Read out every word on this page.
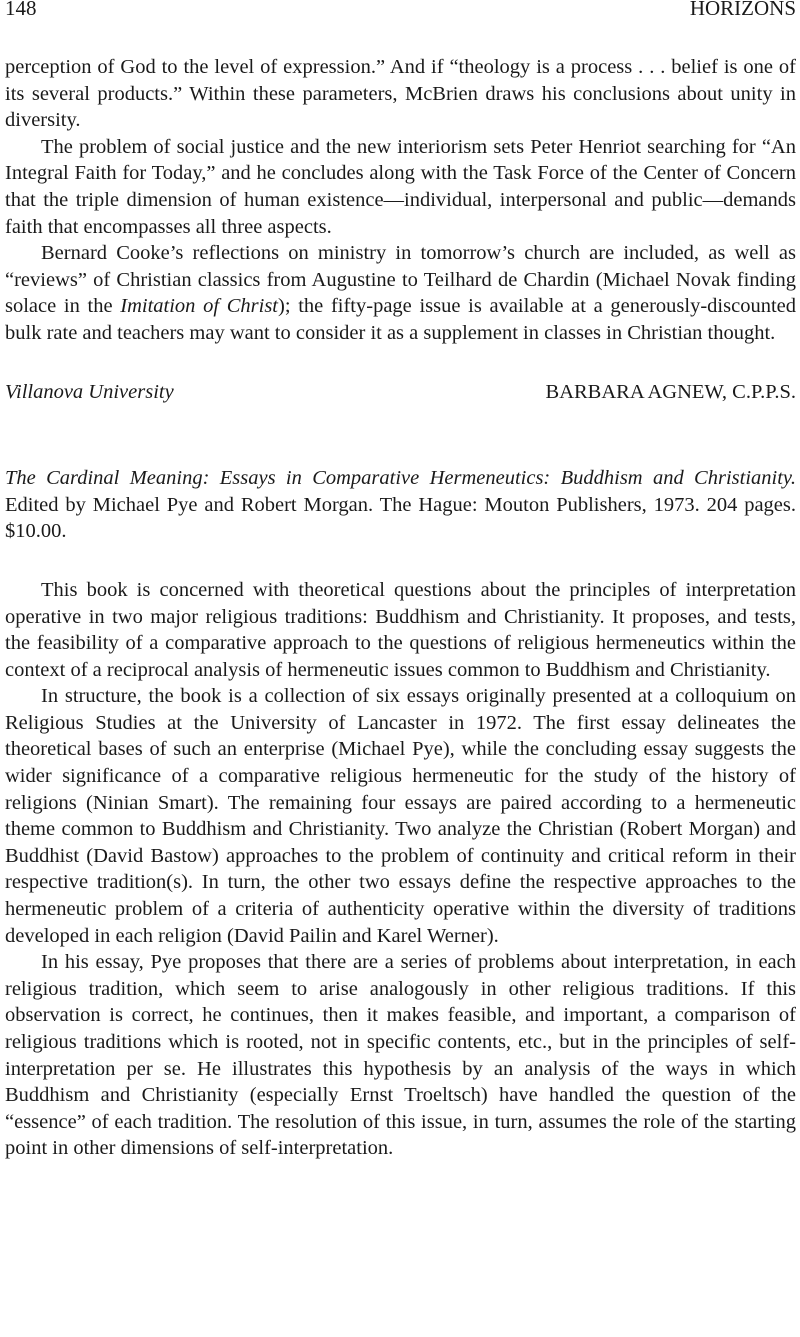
148	HORIZONS

perception of God to the level of expression.” And if “theology is a process . . . belief is one of its several products.” Within these parameters, McBrien draws his conclusions about unity in diversity.

The problem of social justice and the new interiorism sets Peter Henriot searching for “An Integral Faith for Today,” and he concludes along with the Task Force of the Center of Concern that the triple dimension of human existence—individual, interpersonal and public—demands faith that encompasses all three aspects.

Bernard Cooke’s reflections on ministry in tomorrow’s church are included, as well as “reviews” of Christian classics from Augustine to Teilhard de Chardin (Michael Novak finding solace in the Imitation of Christ); the fifty-page issue is available at a generously-discounted bulk rate and teachers may want to consider it as a supplement in classes in Christian thought.

Villanova University	BARBARA AGNEW, C.P.P.S.

The Cardinal Meaning: Essays in Comparative Hermeneutics: Buddhism and Christianity. Edited by Michael Pye and Robert Morgan. The Hague: Mouton Publishers, 1973. 204 pages. $10.00.

This book is concerned with theoretical questions about the principles of interpretation operative in two major religious traditions: Buddhism and Christianity. It proposes, and tests, the feasibility of a comparative approach to the questions of religious hermeneutics within the context of a reciprocal analysis of hermeneutic issues common to Buddhism and Christianity.

In structure, the book is a collection of six essays originally presented at a colloquium on Religious Studies at the University of Lancaster in 1972. The first essay delineates the theoretical bases of such an enterprise (Michael Pye), while the concluding essay suggests the wider significance of a comparative religious hermeneutic for the study of the history of religions (Ninian Smart). The remaining four essays are paired according to a hermeneutic theme common to Buddhism and Christianity. Two analyze the Christian (Robert Morgan) and Buddhist (David Bastow) approaches to the problem of continuity and critical reform in their respective tradition(s). In turn, the other two essays define the respective approaches to the hermeneutic problem of a criteria of authenticity operative within the diversity of traditions developed in each religion (David Pailin and Karel Werner).

In his essay, Pye proposes that there are a series of problems about interpretation, in each religious tradition, which seem to arise analogously in other religious traditions. If this observation is correct, he continues, then it makes feasible, and important, a comparison of religious traditions which is rooted, not in specific contents, etc., but in the principles of self-interpretation per se. He illustrates this hypothesis by an analysis of the ways in which Buddhism and Christianity (especially Ernst Troeltsch) have handled the question of the “essence” of each tradition. The resolution of this issue, in turn, assumes the role of the starting point in other dimensions of self-interpretation.
